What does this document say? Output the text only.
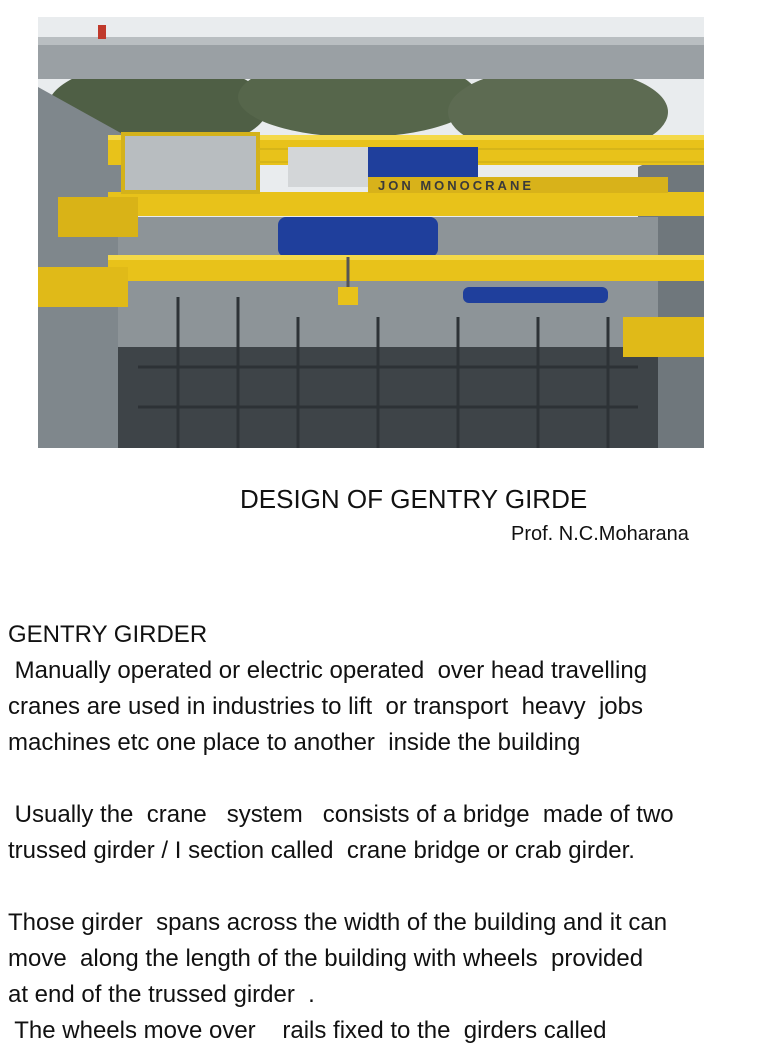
JON MONOCRANE
DESIGN OF GENTRY GIRDE
Prof. N.C.Moharana
GENTRY GIRDER
Manually operated or electric operated  over head travelling
cranes are used in industries to lift  or transport  heavy  jobs
machines etc one place to another  inside the building
Usually the  crane   system   consists of a bridge  made of two
trussed girder / I section called  crane bridge or crab girder.
Those girder  spans across the width of the building and it can
move  along the length of the building with wheels  provided
at end of the trussed girder  .
The wheels move over    rails fixed to the  girders called
